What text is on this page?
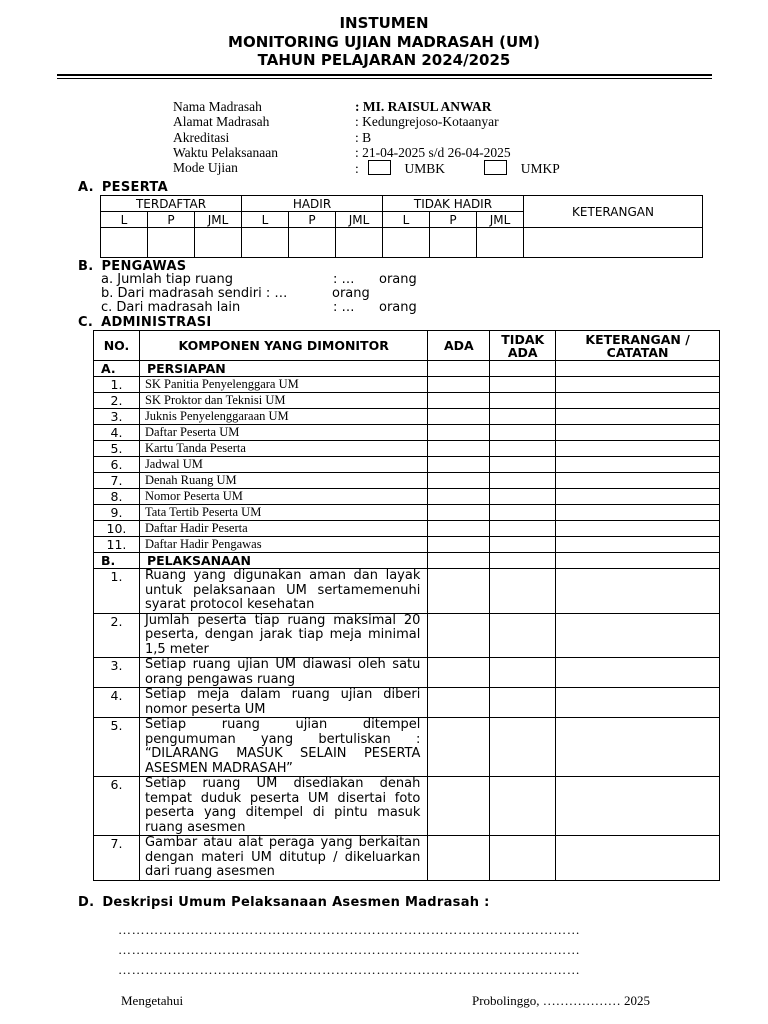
INSTUMEN
MONITORING UJIAN MADRASAH (UM)
TAHUN PELAJARAN 2024/2025
Nama Madrasah	: MI. RAISUL ANWAR
Alamat Madrasah	: Kedungrejoso-Kotaanyar
Akreditasi	: B
Waktu Pelaksanaan	: 21-04-2025 s/d 26-04-2025
Mode Ujian	:	UMBK	UMKP
A. PESERTA
TERDAFTAR			HADIR			TIDAK HADIR			KETERANGAN
L	P	JML	L	P	JML	L	P	JML	

B. PENGAWAS
a. Jumlah tiap ruang	: … orang
b. Dari madrasah sendiri : …	orang
c. Dari madrasah lain	: … orang
C. ADMINISTRASI
NO.	KOMPONEN YANG DIMONITOR	ADA	TIDAK ADA	KETERANGAN / CATATAN
A.	PERSIAPAN			
1.	SK Panitia Penyelenggara UM			
2.	SK Proktor dan Teknisi UM			
3.	Juknis Penyelenggaraan UM			
4.	Daftar Peserta UM			
5.	Kartu Tanda Peserta			
6.	Jadwal UM			
7.	Denah Ruang UM			
8.	Nomor Peserta UM			
9.	Tata Tertib Peserta UM			
10.	Daftar Hadir Peserta			
11.	Daftar Hadir Pengawas			
B.	PELAKSANAAN			
1.	Ruang yang digunakan aman dan layak untuk pelaksanaan UM sertamemenuhi syarat protocol kesehatan			
2.	Jumlah peserta tiap ruang maksimal 20 peserta, dengan jarak tiap meja minimal 1,5 meter			
3.	Setiap ruang ujian UM diawasi oleh satu orang pengawas ruang			
4.	Setiap meja dalam ruang ujian diberi nomor peserta UM			
5.	Setiap ruang ujian ditempel pengumuman yang bertuliskan : “DILARANG MASUK SELAIN PESERTA ASESMEN MADRASAH”			
6.	Setiap ruang UM disediakan denah tempat duduk peserta UM disertai foto peserta yang ditempel di pintu masuk ruang asesmen			
7.	Gambar atau alat peraga yang berkaitan dengan materi UM ditutup / dikeluarkan dari ruang asesmen			
D. Deskripsi Umum Pelaksanaan Asesmen Madrasah :
…………………………………………………………………………………………
…………………………………………………………………………………………
…………………………………………………………………………………………
Mengetahui	Probolinggo, ……………… 2025
